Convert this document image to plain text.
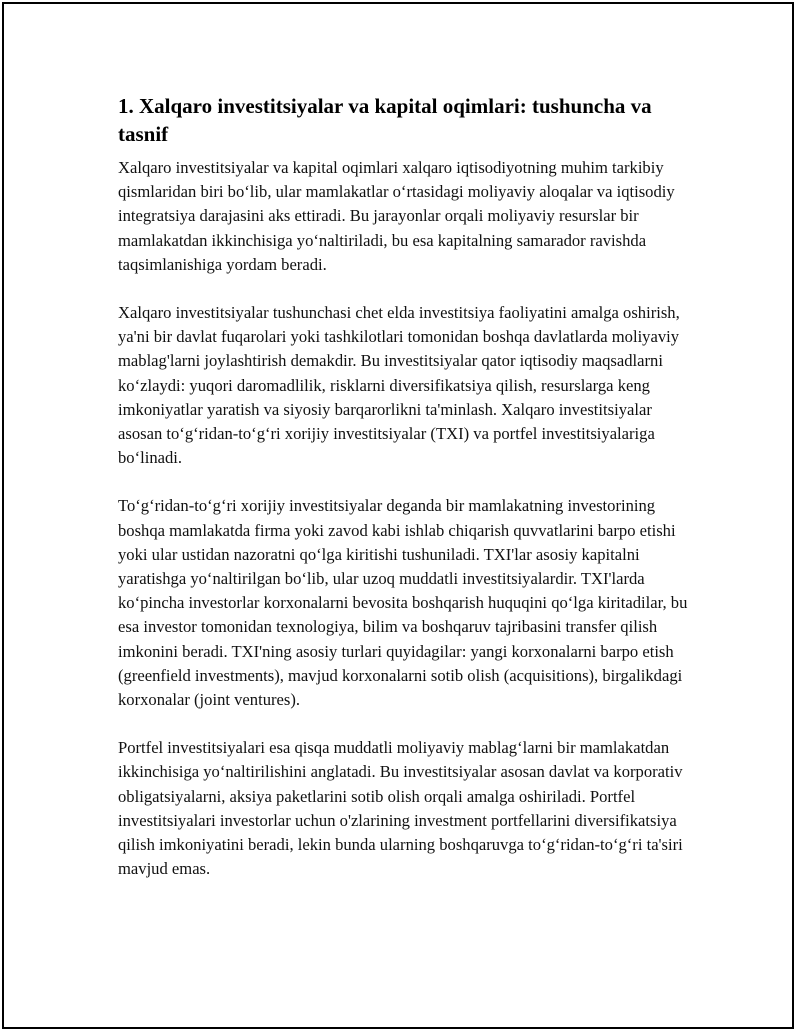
1. Xalqaro investitsiyalar va kapital oqimlari: tushuncha va tasnif

Xalqaro investitsiyalar va kapital oqimlari xalqaro iqtisodiyotning muhim tarkibiy qismlaridan biri bo‘lib, ular mamlakatlar o‘rtasidagi moliyaviy aloqalar va iqtisodiy integratsiya darajasini aks ettiradi. Bu jarayonlar orqali moliyaviy resurslar bir mamlakatdan ikkinchisiga yo‘naltiriladi, bu esa kapitalning samarador ravishda taqsimlanishiga yordam beradi.

Xalqaro investitsiyalar tushunchasi chet elda investitsiya faoliyatini amalga oshirish, ya'ni bir davlat fuqarolari yoki tashkilotlari tomonidan boshqa davlatlarda moliyaviy mablag'larni joylashtirish demakdir. Bu investitsiyalar qator iqtisodiy maqsadlarni ko‘zlaydi: yuqori daromadlilik, risklarni diversifikatsiya qilish, resurslarga keng imkoniyatlar yaratish va siyosiy barqarorlikni ta'minlash. Xalqaro investitsiyalar asosan to‘g‘ridan-to‘g‘ri xorijiy investitsiyalar (TXI) va portfel investitsiyalariga bo‘linadi.

To‘g‘ridan-to‘g‘ri xorijiy investitsiyalar deganda bir mamlakatning investorining boshqa mamlakatda firma yoki zavod kabi ishlab chiqarish quvvatlarini barpo etishi yoki ular ustidan nazoratni qo‘lga kiritishi tushuniladi. TXI'lar asosiy kapitalni yaratishga yo‘naltirilgan bo‘lib, ular uzoq muddatli investitsiyalardir. TXI'larda ko‘pincha investorlar korxonalarni bevosita boshqarish huquqini qo‘lga kiritadilar, bu esa investor tomonidan texnologiya, bilim va boshqaruv tajribasini transfer qilish imkonini beradi. TXI'ning asosiy turlari quyidagilar: yangi korxonalarni barpo etish (greenfield investments), mavjud korxonalarni sotib olish (acquisitions), birgalikdagi korxonalar (joint ventures).

Portfel investitsiyalari esa qisqa muddatli moliyaviy mablag‘larni bir mamlakatdan ikkinchisiga yo‘naltirilishini anglatadi. Bu investitsiyalar asosan davlat va korporativ obligatsiyalarni, aksiya paketlarini sotib olish orqali amalga oshiriladi. Portfel investitsiyalari investorlar uchun o'zlarining investment portfellarini diversifikatsiya qilish imkoniyatini beradi, lekin bunda ularning boshqaruvga to‘g‘ridan-to‘g‘ri ta'siri mavjud emas.
